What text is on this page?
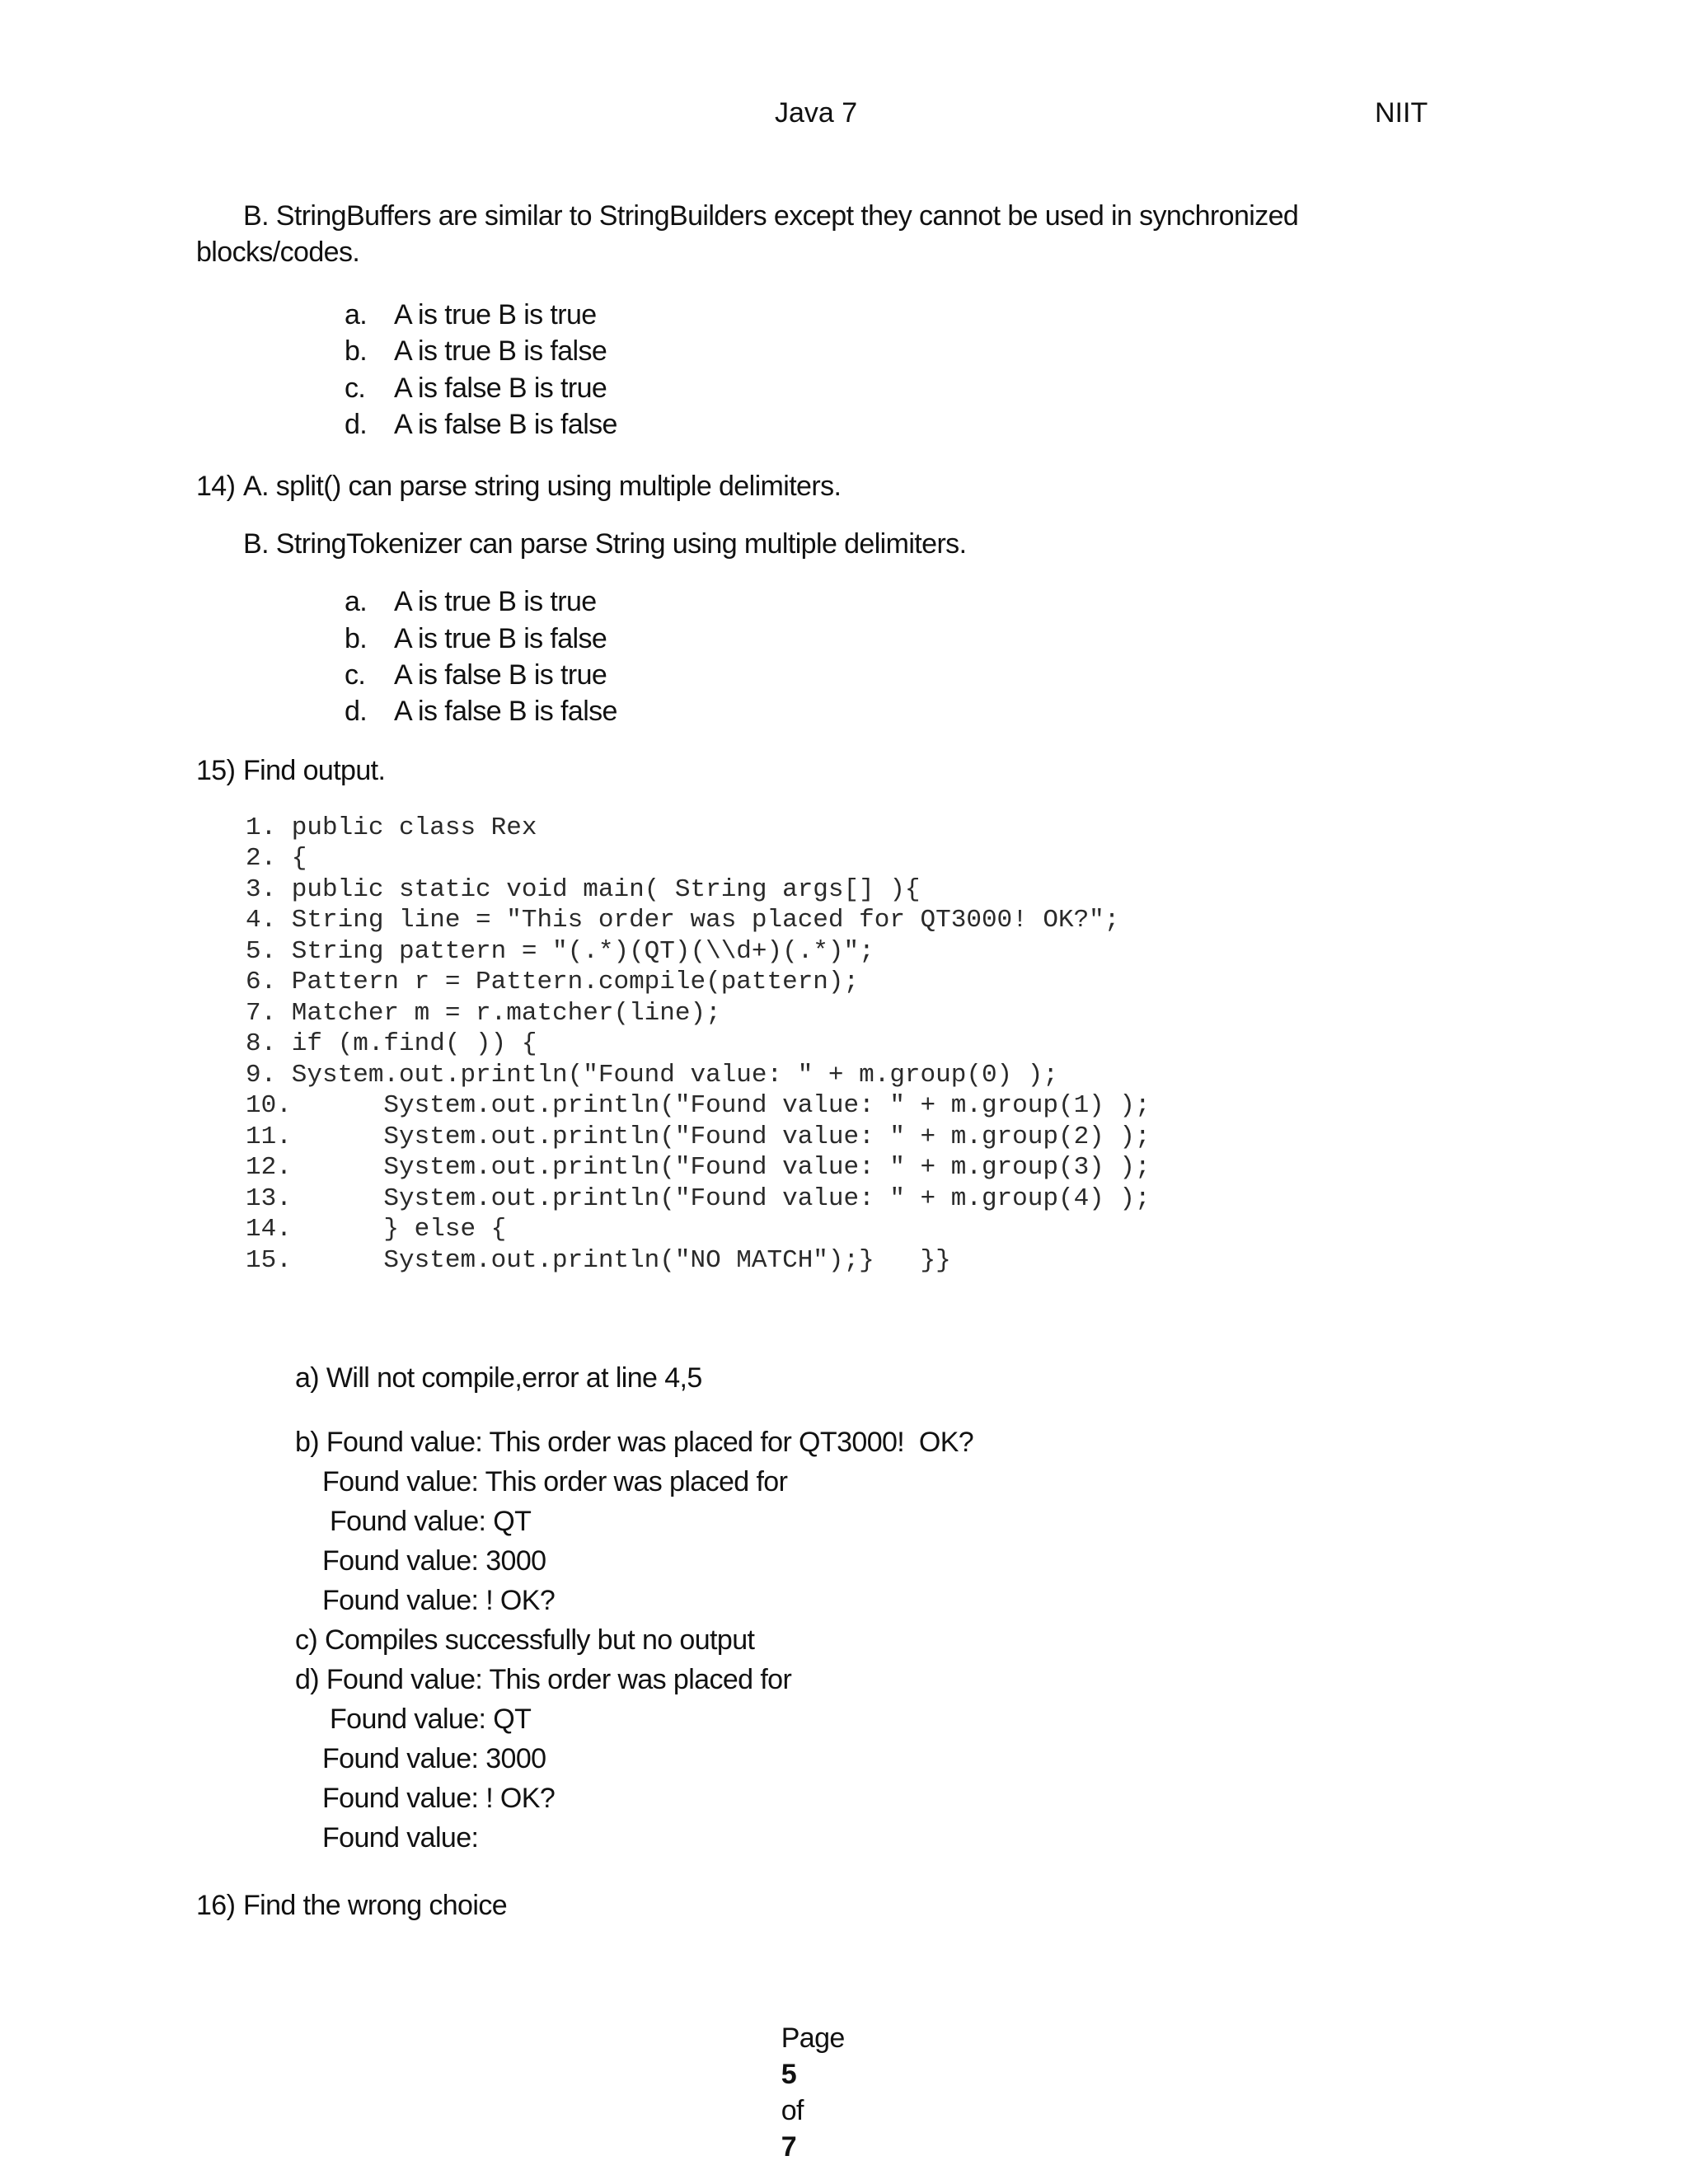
Java 7	NIIT
B. StringBuffers are similar to StringBuilders except they cannot be used in synchronized
blocks/codes.
a. A is true B is true
b. A is true B is false
c. A is false B is true
d. A is false B is false
14) A. split() can parse string using multiple delimiters.
B. StringTokenizer can parse String using multiple delimiters.
a. A is true B is true
b. A is true B is false
c. A is false B is true
d. A is false B is false
15) Find output.
1. public class Rex
2. {
3. public static void main( String args[] ){
4. String line = "This order was placed for QT3000! OK?";
5. String pattern = "(.*)(QT)(\\d+)(.*)";
6. Pattern r = Pattern.compile(pattern);
7. Matcher m = r.matcher(line);
8. if (m.find( )) {
9. System.out.println("Found value: " + m.group(0) );
10.      System.out.println("Found value: " + m.group(1) );
11.      System.out.println("Found value: " + m.group(2) );
12.      System.out.println("Found value: " + m.group(3) );
13.      System.out.println("Found value: " + m.group(4) );
14.      } else {
15.      System.out.println("NO MATCH");}   }}
a) Will not compile,error at line 4,5
b) Found value: This order was placed for QT3000!  OK?
Found value: This order was placed for
Found value: QT
Found value: 3000
Found value: ! OK?
c) Compiles successfully but no output
d) Found value: This order was placed for
Found value: QT
Found value: 3000
Found value: ! OK?
Found value:
16) Find the wrong choice

Page
5
of
7
